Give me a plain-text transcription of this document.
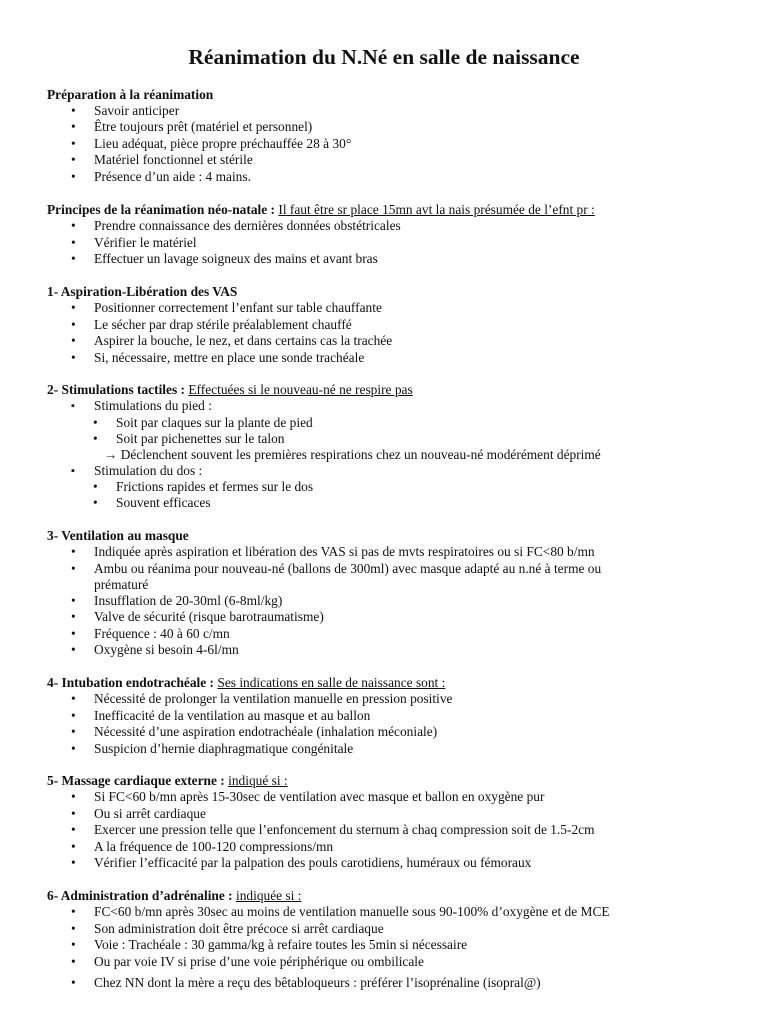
Réanimation du N.Né en salle de naissance
Préparation à la réanimation
• Savoir anticiper
• Être toujours prêt (matériel et personnel)
• Lieu adéquat, pièce propre préchauffée 28 à 30°
• Matériel fonctionnel et stérile
• Présence d’un aide : 4 mains.
Principes de la réanimation néo-natale : Il faut être sr place 15mn avt la nais présumée de l’efnt pr :
• Prendre connaissance des dernières données obstétricales
• Vérifier le matériel
• Effectuer un lavage soigneux des mains et avant bras
1- Aspiration-Libération des VAS
• Positionner correctement l’enfant sur table chauffante
• Le sécher par drap stérile préalablement chauffé
• Aspirer la bouche, le nez, et dans certains cas la trachée
• Si, nécessaire, mettre en place une sonde trachéale
2- Stimulations tactiles : Effectuées si le nouveau-né ne respire pas
▪ Stimulations du pied :
• Soit par claques sur la plante de pied
• Soit par pichenettes sur le talon
→ Déclenchent souvent les premières respirations chez un nouveau-né modérément déprimé
▪ Stimulation du dos :
• Frictions rapides et fermes sur le dos
• Souvent efficaces
3- Ventilation au masque
• Indiquée après aspiration et libération des VAS si pas de mvts respiratoires ou si FC<80 b/mn
• Ambu ou réanima pour nouveau-né (ballons de 300ml) avec masque adapté au n.né à terme ou
prématuré
• Insufflation de 20-30ml (6-8ml/kg)
• Valve de sécurité (risque barotraumatisme)
• Fréquence : 40 à 60 c/mn
• Oxygène si besoin 4-6l/mn
4- Intubation endotrachéale : Ses indications en salle de naissance sont :
• Nécessité de prolonger la ventilation manuelle en pression positive
• Inefficacité de la ventilation au masque et au ballon
• Nécessité d’une aspiration endotrachéale (inhalation méconiale)
• Suspicion d’hernie diaphragmatique congénitale
5- Massage cardiaque externe : indiqué si :
• Si FC<60 b/mn après 15-30sec de ventilation avec masque et ballon en oxygène pur
• Ou si arrêt cardiaque
• Exercer une pression telle que l’enfoncement du sternum à chaq compression soit de 1.5-2cm
• A la fréquence de 100-120 compressions/mn
• Vérifier l’efficacité par la palpation des pouls carotidiens, huméraux ou fémoraux
6- Administration d’adrénaline : indiquée si :
• FC<60 b/mn après 30sec au moins de ventilation manuelle sous 90-100% d’oxygène et de MCE
• Son administration doit être précoce si arrêt cardiaque
• Voie : Trachéale : 30 gamma/kg à refaire toutes les 5min si nécessaire
• Ou par voie IV si prise d’une voie périphérique ou ombilicale
• Chez NN dont la mère a reçu des bêtabloqueurs : préférer l’isoprénaline (isopral@)
